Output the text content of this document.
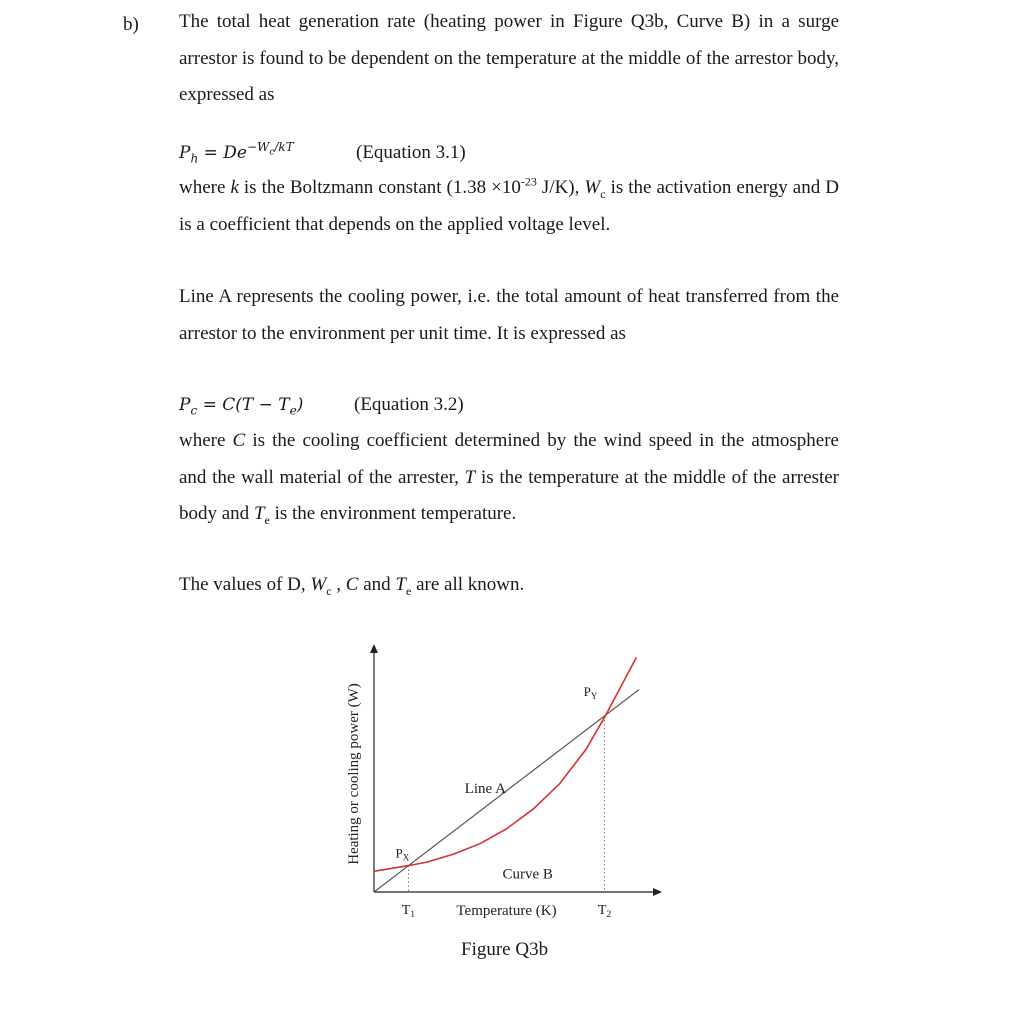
b) The total heat generation rate (heating power in Figure Q3b, Curve B) in a surge arrestor is found to be dependent on the temperature at the middle of the arrestor body, expressed as

$P_h = De^{-W_c/kT}$	(Equation 3.1)

where k is the Boltzmann constant ($1.38 \times 10^{-23}$ J/K), $W_c$ is the activation energy and D is a coefficient that depends on the applied voltage level.

Line A represents the cooling power, i.e. the total amount of heat transferred from the arrestor to the environment per unit time. It is expressed as

$P_c = C(T - T_e)$	(Equation 3.2)

where C is the cooling coefficient determined by the wind speed in the atmosphere and the wall material of the arrester, T is the temperature at the middle of the arrester body and $T_e$ is the environment temperature.

The values of D, $W_c$ , C and $T_e$ are all known.

$T_1$	$T_2$
$P_X$
$P_Y$
Line A
Curve B
Temperature (K)
Heating or cooling power (W)
Figure Q3b
